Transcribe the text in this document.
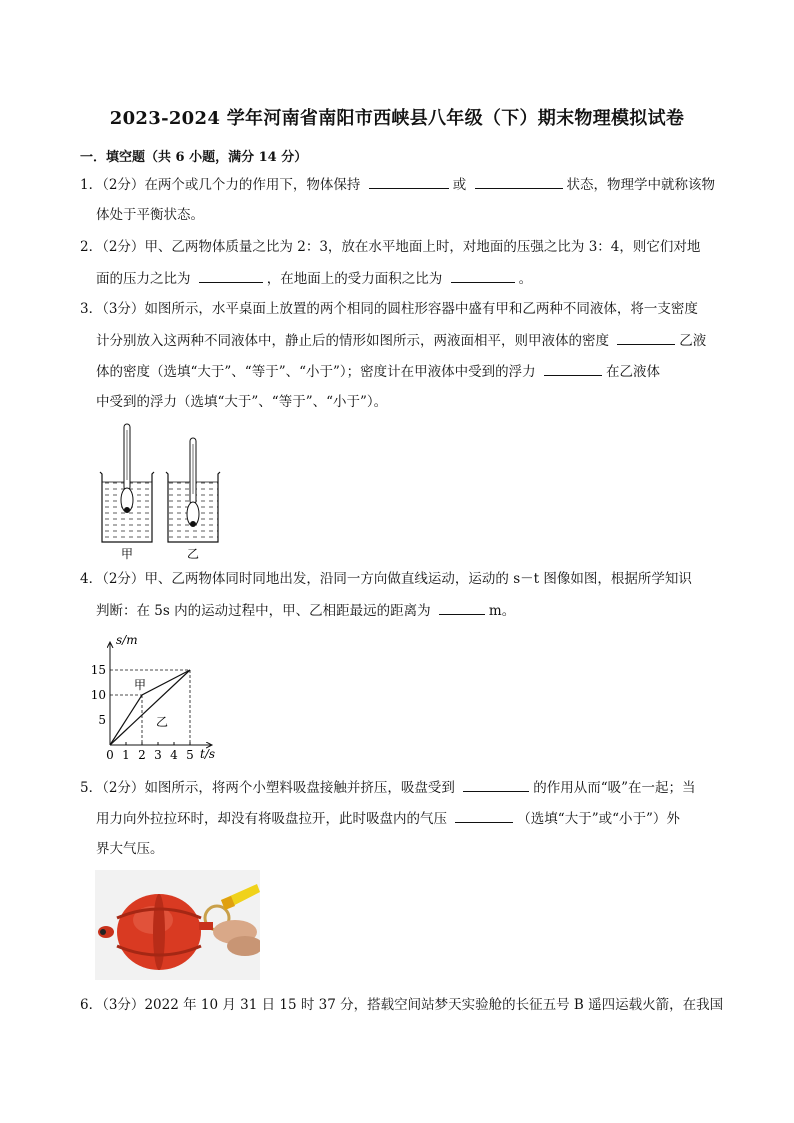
2023-2024 学年河南省南阳市西峡县八年级（下）期末物理模拟试卷
一．填空题（共 6 小题，满分 14 分）
1．（2分）在两个或几个力的作用下，物体保持	或	状态，物理学中就称该物
体处于平衡状态。
2．（2分）甲、乙两物体质量之比为 2：3，放在水平地面上时，对地面的压强之比为 3：4，则它们对地
面的压力之比为	，在地面上的受力面积之比为	。
3．（3分）如图所示，水平桌面上放置的两个相同的圆柱形容器中盛有甲和乙两种不同液体，将一支密度
计分别放入这两种不同液体中，静止后的情形如图所示，两液面相平，则甲液体的密度	乙液
体的密度（选填“大于”、“等于”、“小于”）；密度计在甲液体中受到的浮力	在乙液体
中受到的浮力（选填“大于”、“等于”、“小于”）。
甲	乙
4．（2分）甲、乙两物体同时同地出发，沿同一方向做直线运动，运动的 s－t 图像如图，根据所学知识
判断：在 5s 内的运动过程中，甲、乙相距最远的距离为	m。
0 1 2 3 4 5
5
10
15
甲
乙
s/m
t/s
5．（2分）如图所示，将两个小塑料吸盘接触并挤压，吸盘受到	的作用从而“吸”在一起；当
用力向外拉拉环时，却没有将吸盘拉开，此时吸盘内的气压	（选填“大于”或“小于”）外
界大气压。
6．（3分）2022 年 10 月 31 日 15 时 37 分，搭载空间站梦天实验舱的长征五号 B 遥四运载火箭，在我国
